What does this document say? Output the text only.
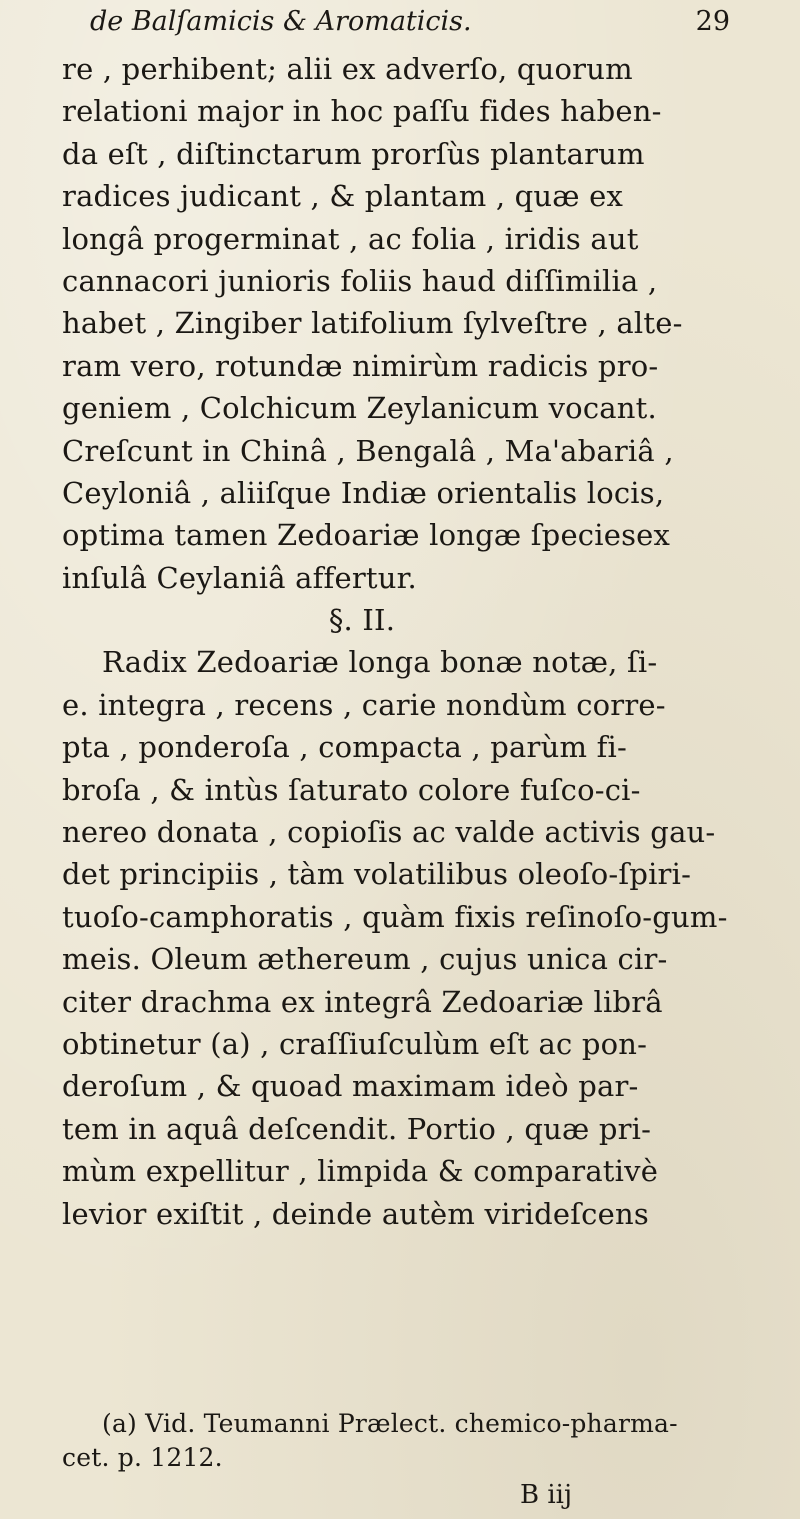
de Balſamicis & Aromaticis.	29
re , perhibent; alii ex adverſo, quorum
relationi major in hoc paſſu fides haben-
da eſt , diſtinctarum prorſùs plantarum
radices judicant , & plantam , quæ ex
longâ progerminat , ac folia , iridis aut
cannacori junioris foliis haud diſſimilia ,
habet , Zingiber latifolium ſylveſtre , alte-
ram vero, rotundæ nimirùm radicis pro-
geniem , Colchicum Zeylanicum vocant.
Creſcunt in Chinâ , Bengalâ , Ma'abariâ ,
Ceyloniâ , aliiſque Indiæ orientalis locis,
optima tamen Zedoariæ longæ ſpeciesex
inſulâ Ceylaniâ affertur.
§. II.
Radix Zedoariæ longa bonæ notæ, ſi-
e. integra , recens , carie nondùm corre-
pta , ponderoſa , compacta , parùm fi-
broſa , & intùs ſaturato colore fuſco-ci-
nereo donata , copioſis ac valde activis gau-
det principiis , tàm volatilibus oleoſo-ſpiri-
tuoſo-camphoratis , quàm fixis reſinoſo-gum-
meis. Oleum æthereum , cujus unica cir-
citer drachma ex integrâ Zedoariæ librâ
obtinetur (a) , craſſiuſculùm eſt ac pon-
deroſum , & quoad maximam ideò par-
tem in aquâ deſcendit. Portio , quæ pri-
mùm expellitur , limpida & comparativè
levior exiſtit , deinde autèm virideſcens
(a) Vid. Teumanni Prælect. chemico-pharma-
cet. p. 1212.
B iij
